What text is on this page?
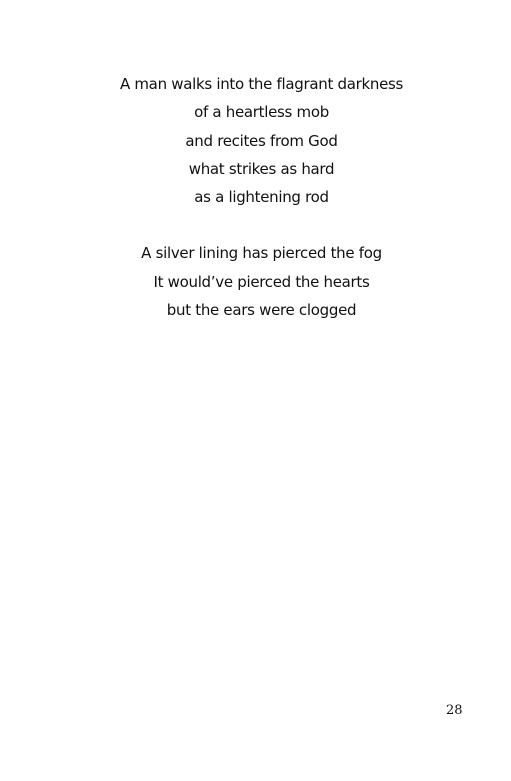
A man walks into the flagrant darkness
of a heartless mob
and recites from God
what strikes as hard
as a lightening rod
A silver lining has pierced the fog
It would’ve pierced the hearts
but the ears were clogged
28
